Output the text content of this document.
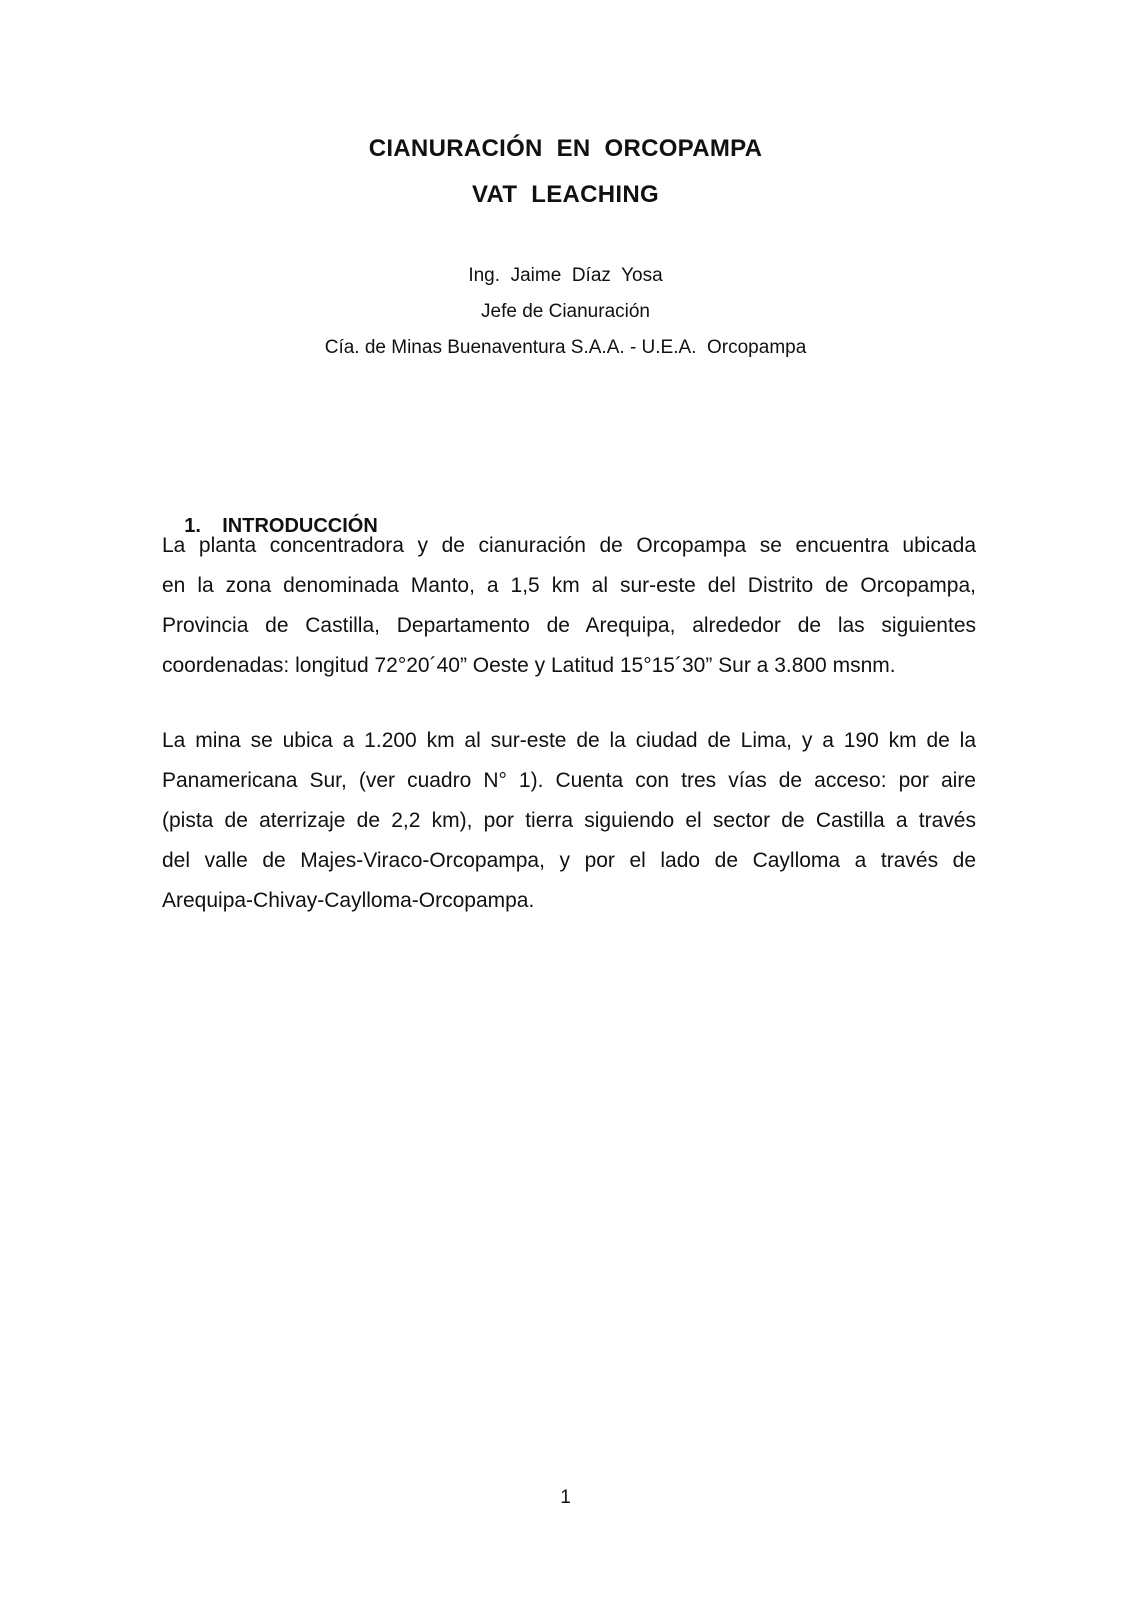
CIANURACIÓN  EN  ORCOPAMPA
VAT  LEACHING
Ing.  Jaime  Díaz  Yosa
Jefe de Cianuración
Cía. de Minas Buenaventura S.A.A. - U.E.A.  Orcopampa

1. INTRODUCCIÓN

La planta concentradora y de cianuración de Orcopampa se encuentra ubicada
en la zona denominada Manto, a 1,5 km al sur-este del Distrito de Orcopampa,
Provincia de Castilla, Departamento de Arequipa, alrededor de las siguientes
coordenadas: longitud 72°20´40” Oeste y Latitud 15°15´30” Sur a 3.800 msnm.

La mina se ubica a 1.200 km al sur-este de la ciudad de Lima, y a 190 km de la
Panamericana Sur, (ver cuadro N° 1). Cuenta con tres vías de acceso: por aire
(pista de aterrizaje de 2,2 km), por tierra siguiendo el sector de Castilla a través
del valle de Majes-Viraco-Orcopampa, y por el lado de Caylloma a través de
Arequipa-Chivay-Caylloma-Orcopampa.

1
